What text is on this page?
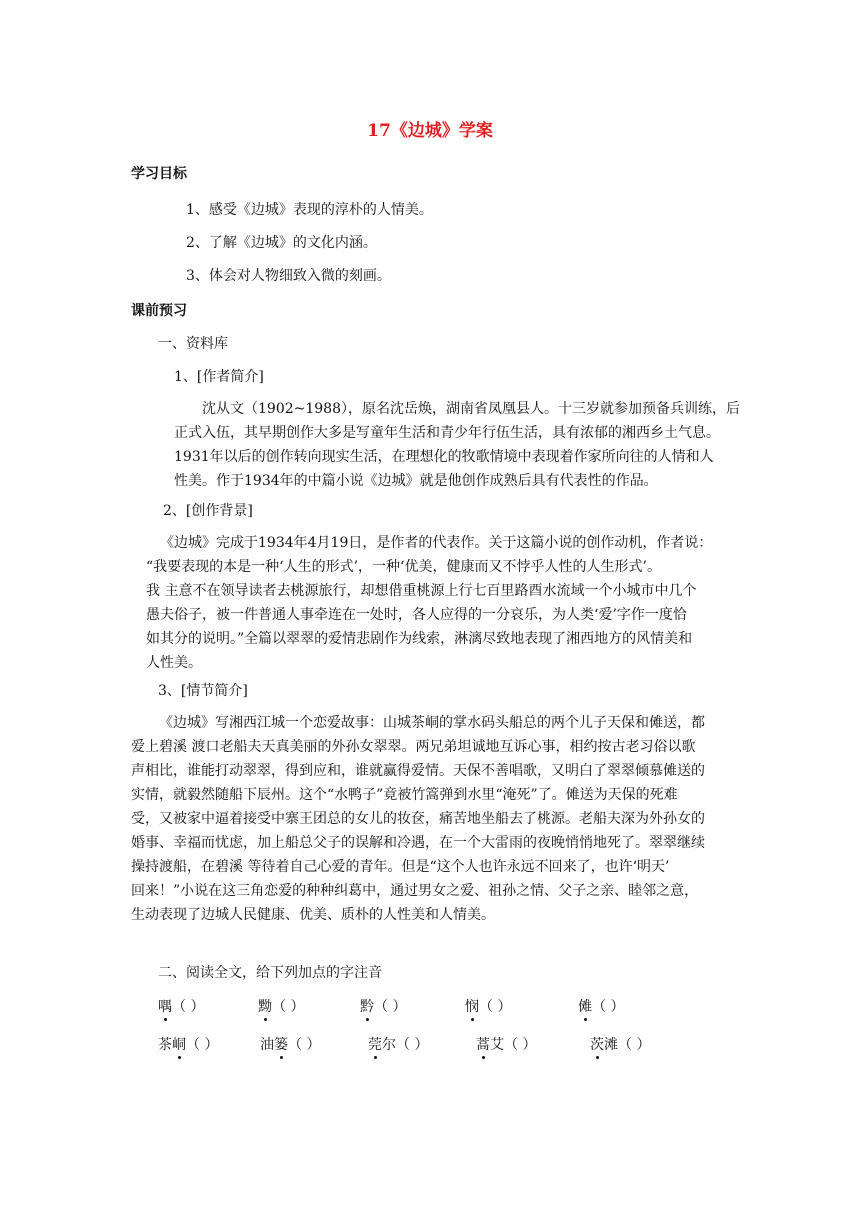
17《边城》学案
学习目标
1、感受《边城》表现的淳朴的人情美。
2、了解《边城》的文化内涵。
3、体会对人物细致入微的刻画。
课前预习
一、资料库
1、[作者简介]
沈从文（1902~1988），原名沈岳焕，湖南省凤凰县人。十三岁就参加预备兵训练，后
正式入伍，其早期创作大多是写童年生活和青少年行伍生活，具有浓郁的湘西乡土气息。
1931年以后的创作转向现实生活，在理想化的牧歌情境中表现着作家所向往的人情和人
性美。作于1934年的中篇小说《边城》就是他创作成熟后具有代表性的作品。
2、[创作背景]
《边城》完成于1934年4月19日，是作者的代表作。关于这篇小说的创作动机，作者说：
“我要表现的本是一种‘人生的形式’，一种‘优美，健康而又不悖乎人性的人生形式’。
我 主意不在领导读者去桃源旅行，却想借重桃源上行七百里路酉水流域一个小城市中几个
愚夫俗子，被一件普通人事牵连在一处时，各人应得的一分哀乐，为人类‘爱’字作一度恰
如其分的说明。”全篇以翠翠的爱情悲剧作为线索，淋漓尽致地表现了湘西地方的风情美和
人性美。
3、[情节简介]
《边城》写湘西江城一个恋爱故事：山城茶峒的掌水码头船总的两个儿子天保和傩送，都
爱上碧溪 渡口老船夫天真美丽的外孙女翠翠。两兄弟坦诚地互诉心事，相约按古老习俗以歌
声相比，谁能打动翠翠，得到应和，谁就赢得爱情。天保不善唱歌，又明白了翠翠倾慕傩送的
实情，就毅然随船下辰州。这个“水鸭子”竟被竹篙弹到水里“淹死”了。傩送为天保的死难
受，又被家中逼着接受中寨王团总的女儿的妆奁，痛苦地坐船去了桃源。老船夫深为外孙女的
婚事、幸福而忧虑，加上船总父子的误解和冷遇，在一个大雷雨的夜晚悄悄地死了。翠翠继续
操持渡船，在碧溪 等待着自己心爱的青年。但是“这个人也许永远不回来了，也许‘明天’
回来！”小说在这三角恋爱的种种纠葛中，通过男女之爱、祖孙之情、父子之亲、睦邻之意，
生动表现了边城人民健康、优美、质朴的人性美和人情美。
二、阅读全文，给下列加点的字注音
喁（ ）	黝（ ）	黔（ ）	悯（ ）	傩（ ）
茶峒（ ）	油篓（ ）	莞尔（ ）	蒿艾（ ）	茨滩（ ）
